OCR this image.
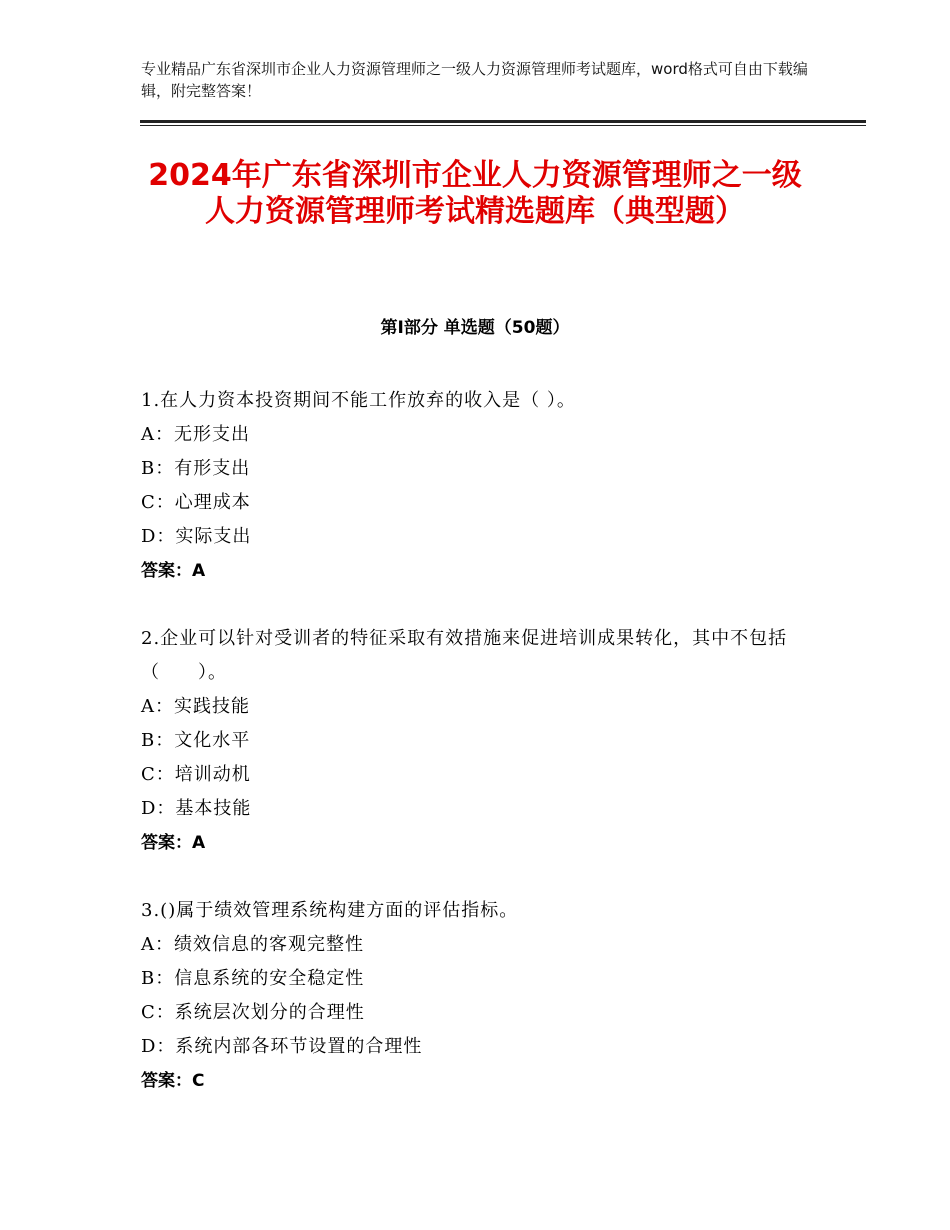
专业精品广东省深圳市企业人力资源管理师之一级人力资源管理师考试题库，word格式可自由下载编辑，附完整答案！
2024年广东省深圳市企业人力资源管理师之一级人力资源管理师考试精选题库（典型题）
第Ⅰ部分 单选题（50题）

1.在人力资本投资期间不能工作放弃的收入是（ ）。

A：无形支出

B：有形支出

C：心理成本

D：实际支出

答案：A

2.企业可以针对受训者的特征采取有效措施来促进培训成果转化，其中不包括（　　）。

A：实践技能

B：文化水平

C：培训动机

D：基本技能

答案：A

3.()属于绩效管理系统构建方面的评估指标。

A：绩效信息的客观完整性

B：信息系统的安全稳定性

C：系统层次划分的合理性

D：系统内部各环节设置的合理性

答案：C
